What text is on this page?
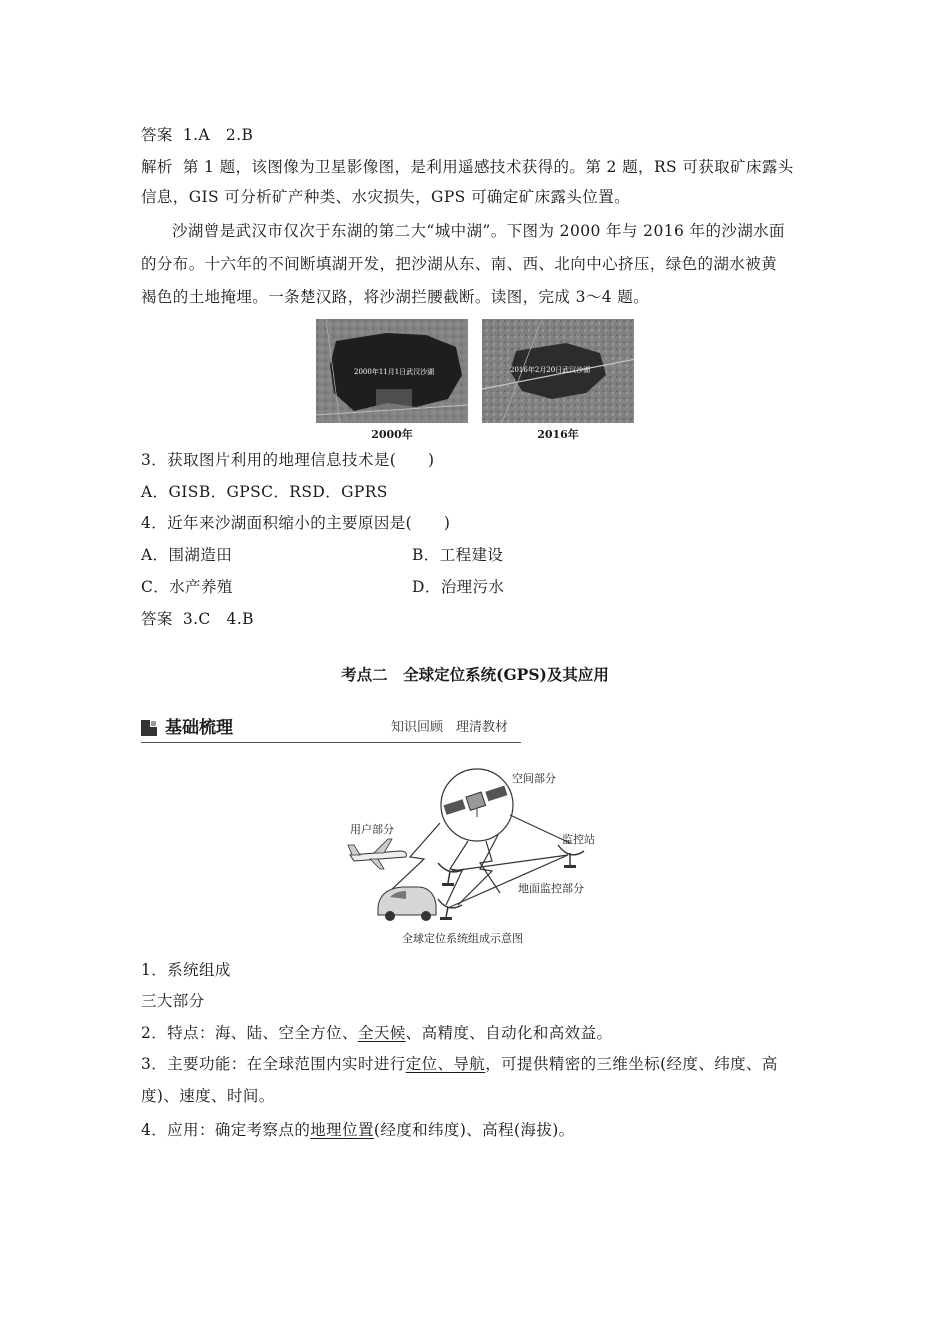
答案 1.A　2.B
解析 第 1 题，该图像为卫星影像图，是利用遥感技术获得的。第 2 题，RS 可获取矿床露头
信息，GIS 可分析矿产种类、水灾损失，GPS 可确定矿床露头位置。
沙湖曾是武汉市仅次于东湖的第二大“城中湖”。下图为 2000 年与 2016 年的沙湖水面
的分布。十六年的不间断填湖开发，把沙湖从东、南、西、北向中心挤压，绿色的湖水被黄
褐色的土地掩埋。一条楚汉路，将沙湖拦腰截断。读图，完成 3～4 题。
2000年11月1日武汉沙湖
2000年
2016年2月20日武汉沙湖
2016年
3．获取图片利用的地理信息技术是(　　)
A．GISB．GPSC．RSD．GPRS
4．近年来沙湖面积缩小的主要原因是(　　)
A．围湖造田	B．工程建设
C．水产养殖	D．治理污水
答案 3.C　4.B
考点二　全球定位系统(GPS)及其应用
基础梳理	知识回顾　理清教材
空间部分
用户部分
监控站
地面监控部分
全球定位系统组成示意图
1．系统组成
三大部分
2．特点：海、陆、空全方位、全天候、高精度、自动化和高效益。
3．主要功能：在全球范围内实时进行定位、导航，可提供精密的三维坐标(经度、纬度、高
度)、速度、时间。
4．应用：确定考察点的地理位置(经度和纬度)、高程(海拔)。
